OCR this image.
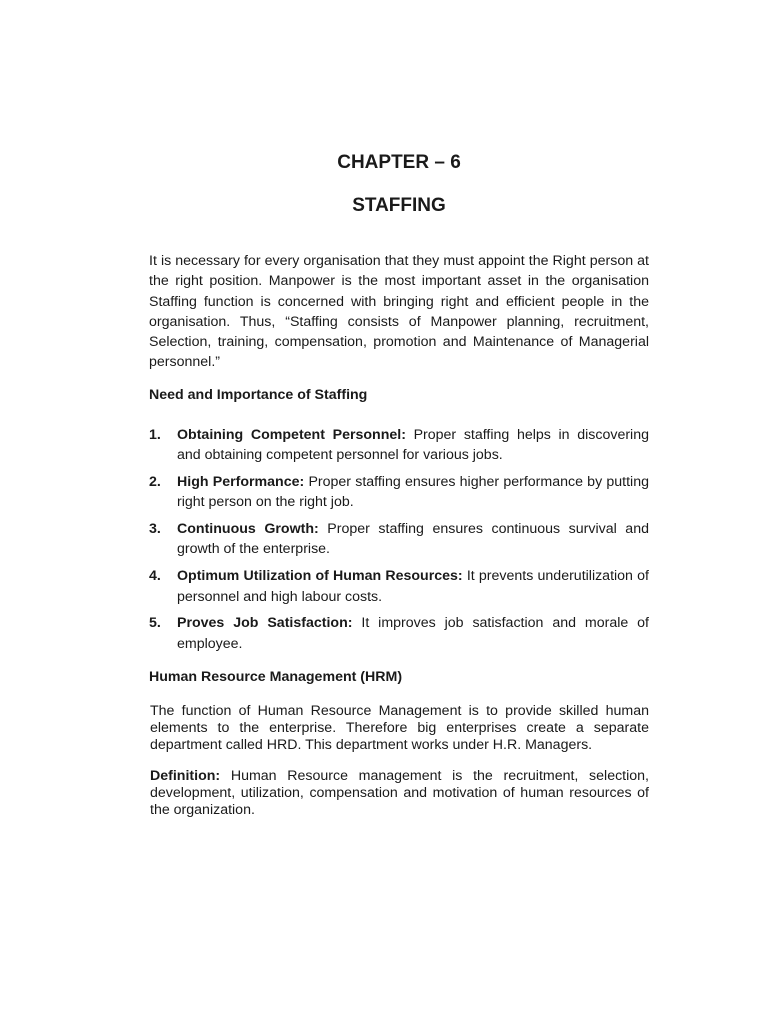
CHAPTER – 6
STAFFING

It is necessary for every organisation that they must appoint the Right person at the right position. Manpower is the most important asset in the organisation Staffing function is concerned with bringing right and efficient people in the organisation. Thus, “Staffing consists of Manpower planning, recruitment, Selection, training, compensation, promotion and Maintenance of Managerial personnel.”

Need and Importance of Staffing
1. Obtaining Competent Personnel: Proper staffing helps in discovering and obtaining competent personnel for various jobs.
2. High Performance: Proper staffing ensures higher performance by putting right person on the right job.
3. Continuous Growth: Proper staffing ensures continuous survival and growth of the enterprise.
4. Optimum Utilization of Human Resources: It prevents underutilization of personnel and high labour costs.
5. Proves Job Satisfaction: It improves job satisfaction and morale of employee.
Human Resource Management (HRM)

The function of Human Resource Management is to provide skilled human elements to the enterprise. Therefore big enterprises create a separate department called HRD. This department works under H.R. Managers.

Definition: Human Resource management is the recruitment, selection, development, utilization, compensation and motivation of human resources of the organization.
